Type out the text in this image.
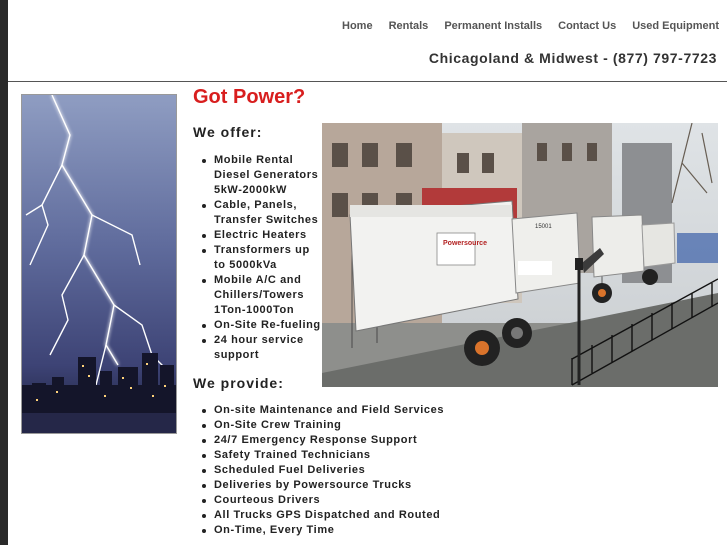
Home Rentals Permanent Installs Contact Us Used Equipment
Chicagoland & Midwest - (877) 797-7723
Got Power?
We offer:
Mobile Rental Diesel Generators 5kW-2000kW
Cable, Panels, Transfer Switches
Electric Heaters
Transformers up to 5000kVa
Mobile A/C and Chillers/Towers 1Ton-1000Ton
On-Site Re-fueling
24 hour service support
Powersource
15001
We provide:
On-site Maintenance and Field Services
On-Site Crew Training
24/7 Emergency Response Support
Safety Trained Technicians
Scheduled Fuel Deliveries
Deliveries by Powersource Trucks
Courteous Drivers
All Trucks GPS Dispatched and Routed
On-Time, Every Time
